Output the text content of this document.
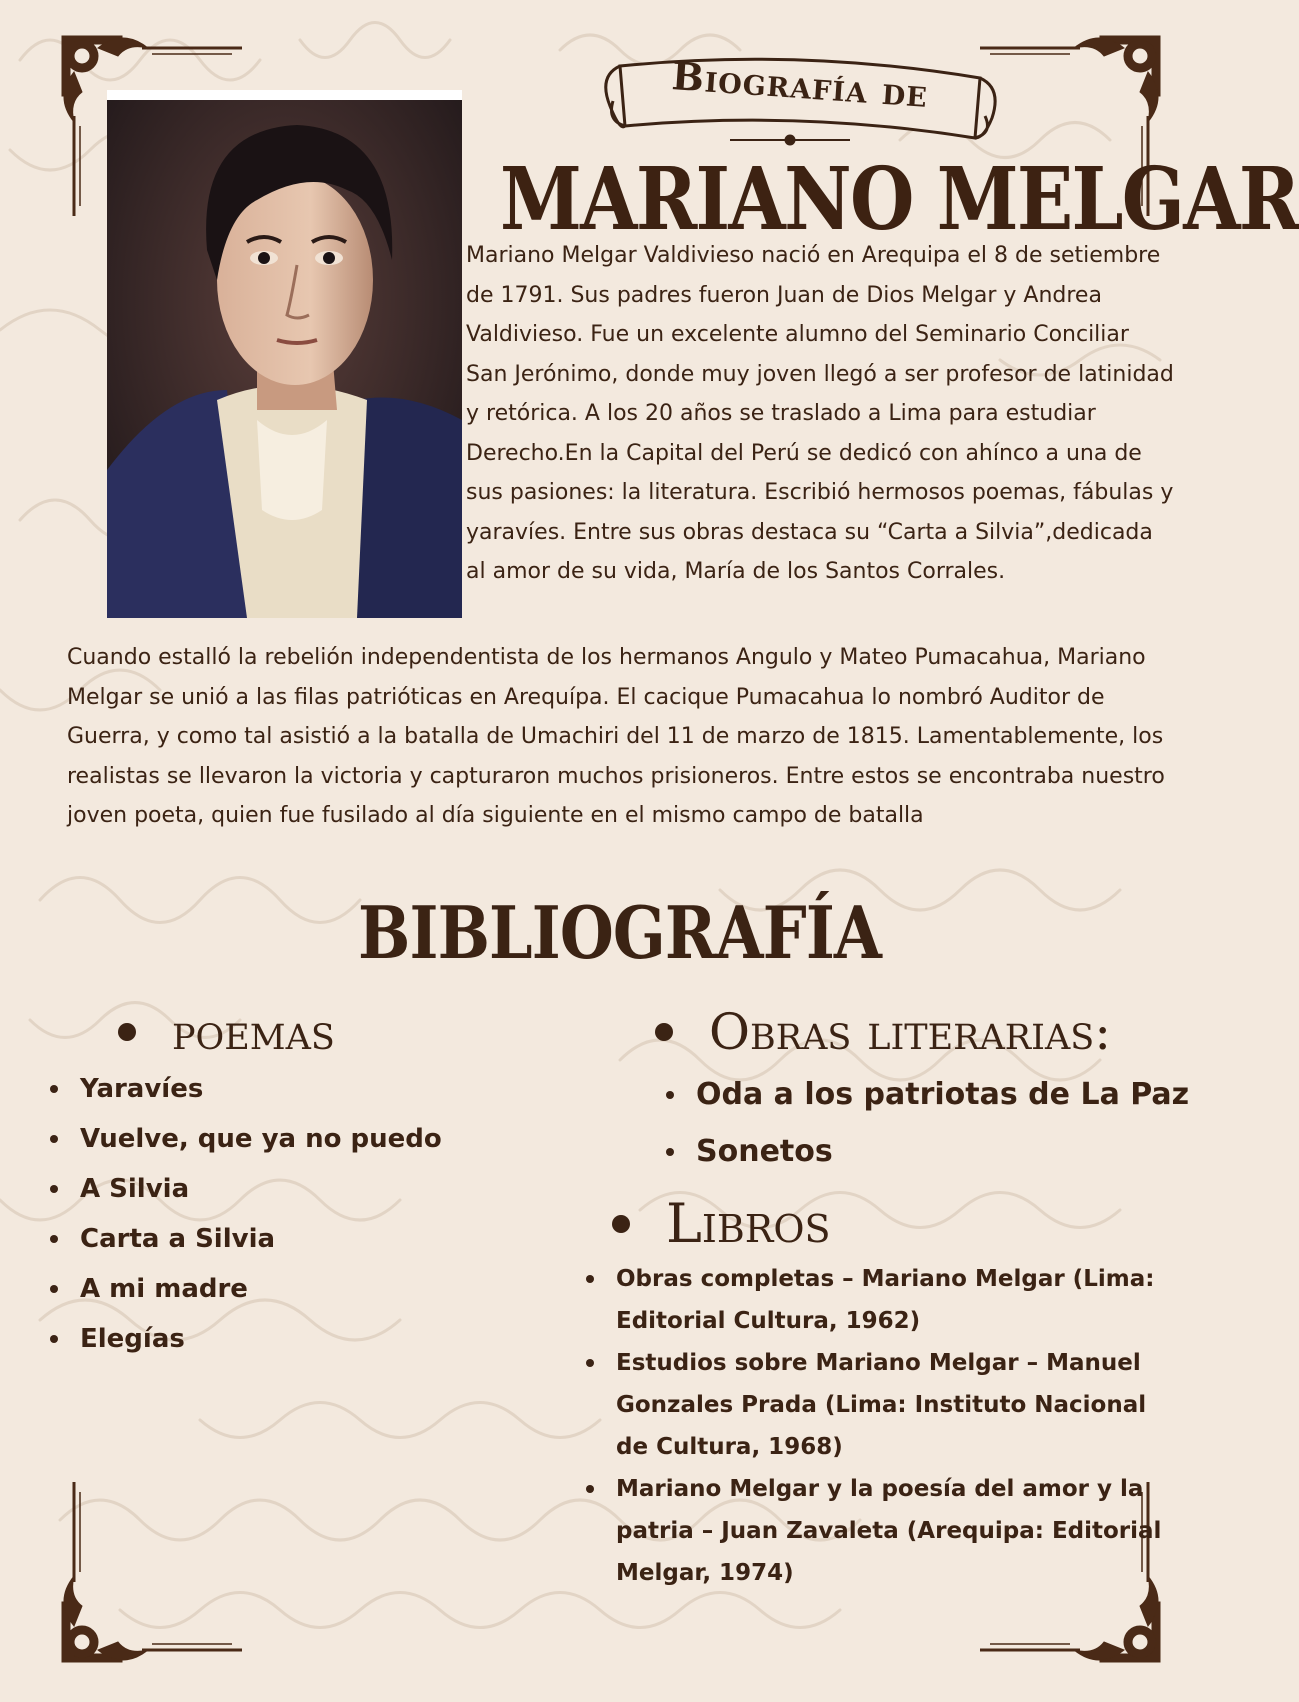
Biografía de
MARIANO MELGAR

Mariano Melgar Valdivieso nació en Arequipa el 8 de setiembre de 1791. Sus padres fueron Juan de Dios Melgar y Andrea Valdivieso. Fue un excelente alumno del Seminario Conciliar San Jerónimo, donde muy joven llegó a ser profesor de latinidad y retórica. A los 20 años se traslado a Lima para estudiar Derecho.En la Capital del Perú se dedicó con ahínco a una de sus pasiones: la literatura. Escribió hermosos poemas, fábulas y yaravíes. Entre sus obras destaca su “Carta a Silvia”,dedicada al amor de su vida, María de los Santos Corrales.

Cuando estalló la rebelión independentista de los hermanos Angulo y Mateo Pumacahua, Mariano Melgar se unió a las filas patrióticas en Arequípa. El cacique Pumacahua lo nombró Auditor de Guerra, y como tal asistió a la batalla de Umachiri del 11 de marzo de 1815. Lamentablemente, los realistas se llevaron la victoria y capturaron muchos prisioneros. Entre estos se encontraba nuestro joven poeta, quien fue fusilado al día siguiente en el mismo campo de batalla

BIBLIOGRAFÍA
poemas
Yaravíes
Vuelve, que ya no puedo
A Silvia
Carta a Silvia
A mi madre
Elegías
Obras literarias:
Oda a los patriotas de La Paz
Sonetos
Libros
Obras completas – Mariano Melgar (Lima: Editorial Cultura, 1962)
Estudios sobre Mariano Melgar – Manuel Gonzales Prada (Lima: Instituto Nacional de Cultura, 1968)
Mariano Melgar y la poesía del amor y la patria – Juan Zavaleta (Arequipa: Editorial Melgar, 1974)
